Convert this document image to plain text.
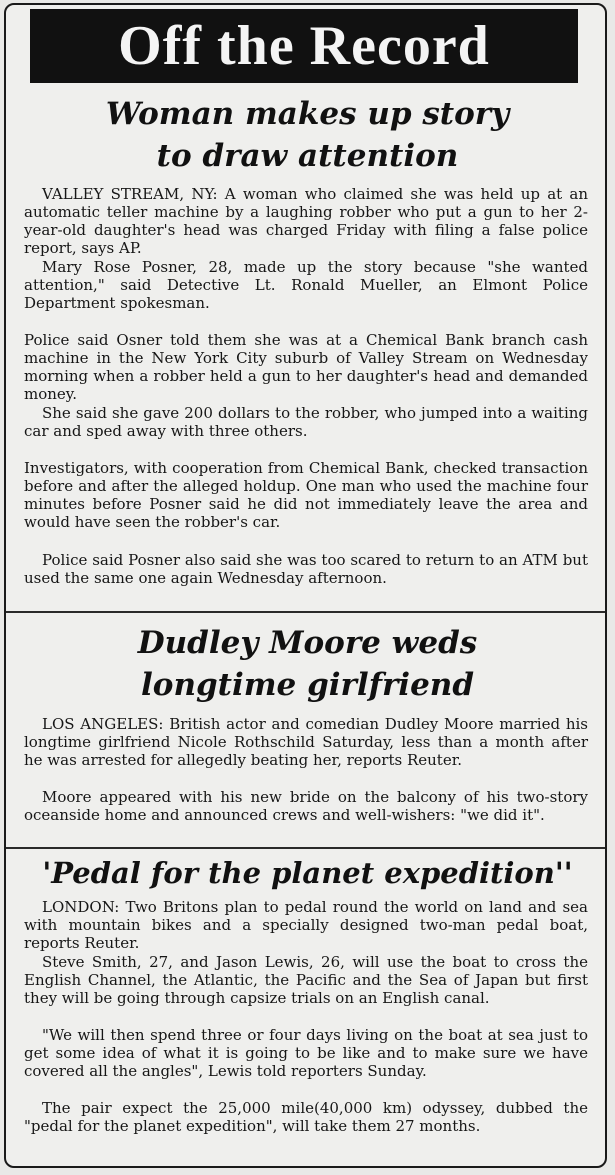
Off the Record
Woman makes up story
to draw attention

VALLEY STREAM, NY: A woman who claimed she was held up at an automatic teller machine by a laughing robber who put a gun to her 2-year-old daughter's head was charged Friday with filing a false police report, says AP.

Mary Rose Posner, 28, made up the story because "she wanted attention," said Detective Lt. Ronald Mueller, an Elmont Police Department spokesman.

Police said Osner told them she was at a Chemical Bank branch cash machine in the New York City suburb of Valley Stream on Wednesday morning when a robber held a gun to her daughter's head and demanded money.

She said she gave 200 dollars to the robber, who jumped into a waiting car and sped away with three others.

Investigators, with cooperation from Chemical Bank, checked transaction before and after the alleged holdup. One man who used the machine four minutes before Posner said he did not immediately leave the area and would have seen the robber's car.

Police said Posner also said she was too scared to return to an ATM but used the same one again Wednesday afternoon.

Dudley Moore weds
longtime girlfriend

LOS ANGELES: British actor and comedian Dudley Moore married his longtime girlfriend Nicole Rothschild Saturday, less than a month after he was arrested for allegedly beating her, reports Reuter.

Moore appeared with his new bride on the balcony of his two-story oceanside home and announced crews and well-wishers: "we did it".

'Pedal for the planet expedition''

LONDON: Two Britons plan to pedal round the world on land and sea with mountain bikes and a specially designed two-man pedal boat, reports Reuter.

Steve Smith, 27, and Jason Lewis, 26, will use the boat to cross the English Channel, the Atlantic, the Pacific and the Sea of Japan but first they will be going through capsize trials on an English canal.

"We will then spend three or four days living on the boat at sea just to get some idea of what it is going to be like and to make sure we have covered all the angles", Lewis told reporters Sunday.

The pair expect the 25,000 mile(40,000 km) odyssey, dubbed the "pedal for the planet expedition", will take them 27 months.
